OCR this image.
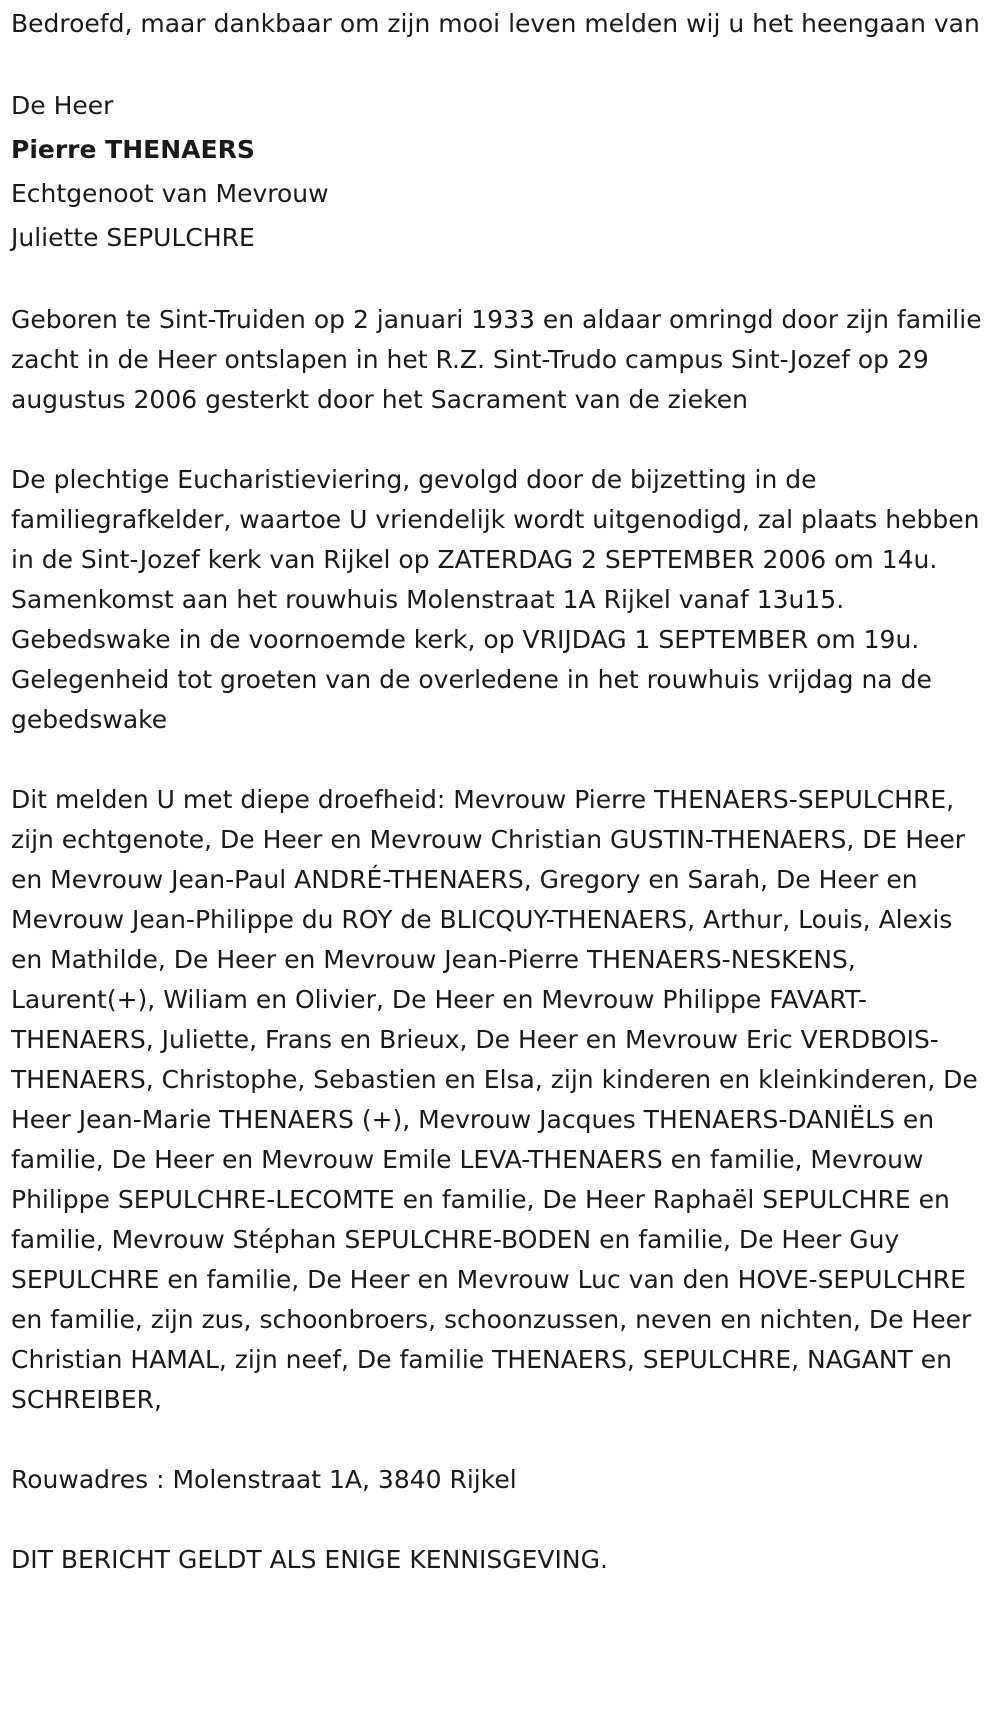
Bedroefd, maar dankbaar om zijn mooi leven melden wij u het heengaan van

De Heer

Pierre THENAERS

Echtgenoot van Mevrouw

Juliette SEPULCHRE

Geboren te Sint-Truiden op 2 januari 1933 en aldaar omringd door zijn familie zacht in de Heer ontslapen in het R.Z. Sint-Trudo campus Sint-Jozef op 29 augustus 2006 gesterkt door het Sacrament van de zieken

De plechtige Eucharistieviering, gevolgd door de bijzetting in de familiegrafkelder, waartoe U vriendelijk wordt uitgenodigd, zal plaats hebben in de Sint-Jozef kerk van Rijkel op ZATERDAG 2 SEPTEMBER 2006 om 14u. Samenkomst aan het rouwhuis Molenstraat 1A Rijkel vanaf 13u15. Gebedswake in de voornoemde kerk, op VRIJDAG 1 SEPTEMBER om 19u. Gelegenheid tot groeten van de overledene in het rouwhuis vrijdag na de gebedswake

Dit melden U met diepe droefheid: Mevrouw Pierre THENAERS-SEPULCHRE, zijn echtgenote, De Heer en Mevrouw Christian GUSTIN-THENAERS, DE Heer en Mevrouw Jean-Paul ANDRÉ-THENAERS, Gregory en Sarah, De Heer en Mevrouw Jean-Philippe du ROY de BLICQUY-THENAERS, Arthur, Louis, Alexis en Mathilde, De Heer en Mevrouw Jean-Pierre THENAERS-NESKENS, Laurent(+), Wiliam en Olivier, De Heer en Mevrouw Philippe FAVART-THENAERS, Juliette, Frans en Brieux, De Heer en Mevrouw Eric VERDBOIS-THENAERS, Christophe, Sebastien en Elsa, zijn kinderen en kleinkinderen, De Heer Jean-Marie THENAERS (+), Mevrouw Jacques THENAERS-DANIËLS en familie, De Heer en Mevrouw Emile LEVA-THENAERS en familie, Mevrouw Philippe SEPULCHRE-LECOMTE en familie, De Heer Raphaël SEPULCHRE en familie, Mevrouw Stéphan SEPULCHRE-BODEN en familie, De Heer Guy SEPULCHRE en familie, De Heer en Mevrouw Luc van den HOVE-SEPULCHRE en familie, zijn zus, schoonbroers, schoonzussen, neven en nichten, De Heer Christian HAMAL, zijn neef, De familie THENAERS, SEPULCHRE, NAGANT en SCHREIBER,

Rouwadres : Molenstraat 1A, 3840 Rijkel

DIT BERICHT GELDT ALS ENIGE KENNISGEVING.
